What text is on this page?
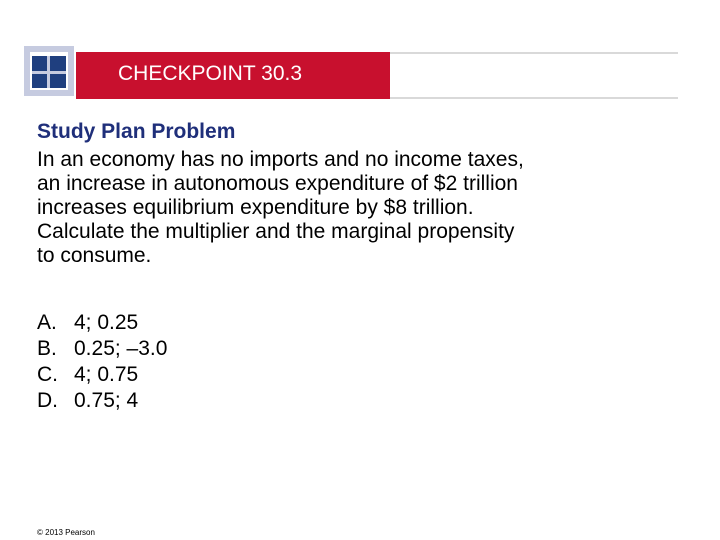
CHECKPOINT 30.3
Study Plan Problem
In an economy has no imports and no income taxes,
an increase in autonomous expenditure of $2 trillion
increases equilibrium expenditure by $8 trillion.
Calculate the multiplier and the marginal propensity
to consume.
A. 4; 0.25
B. 0.25; –3.0
C. 4; 0.75
D. 0.75; 4
© 2013 Pearson
